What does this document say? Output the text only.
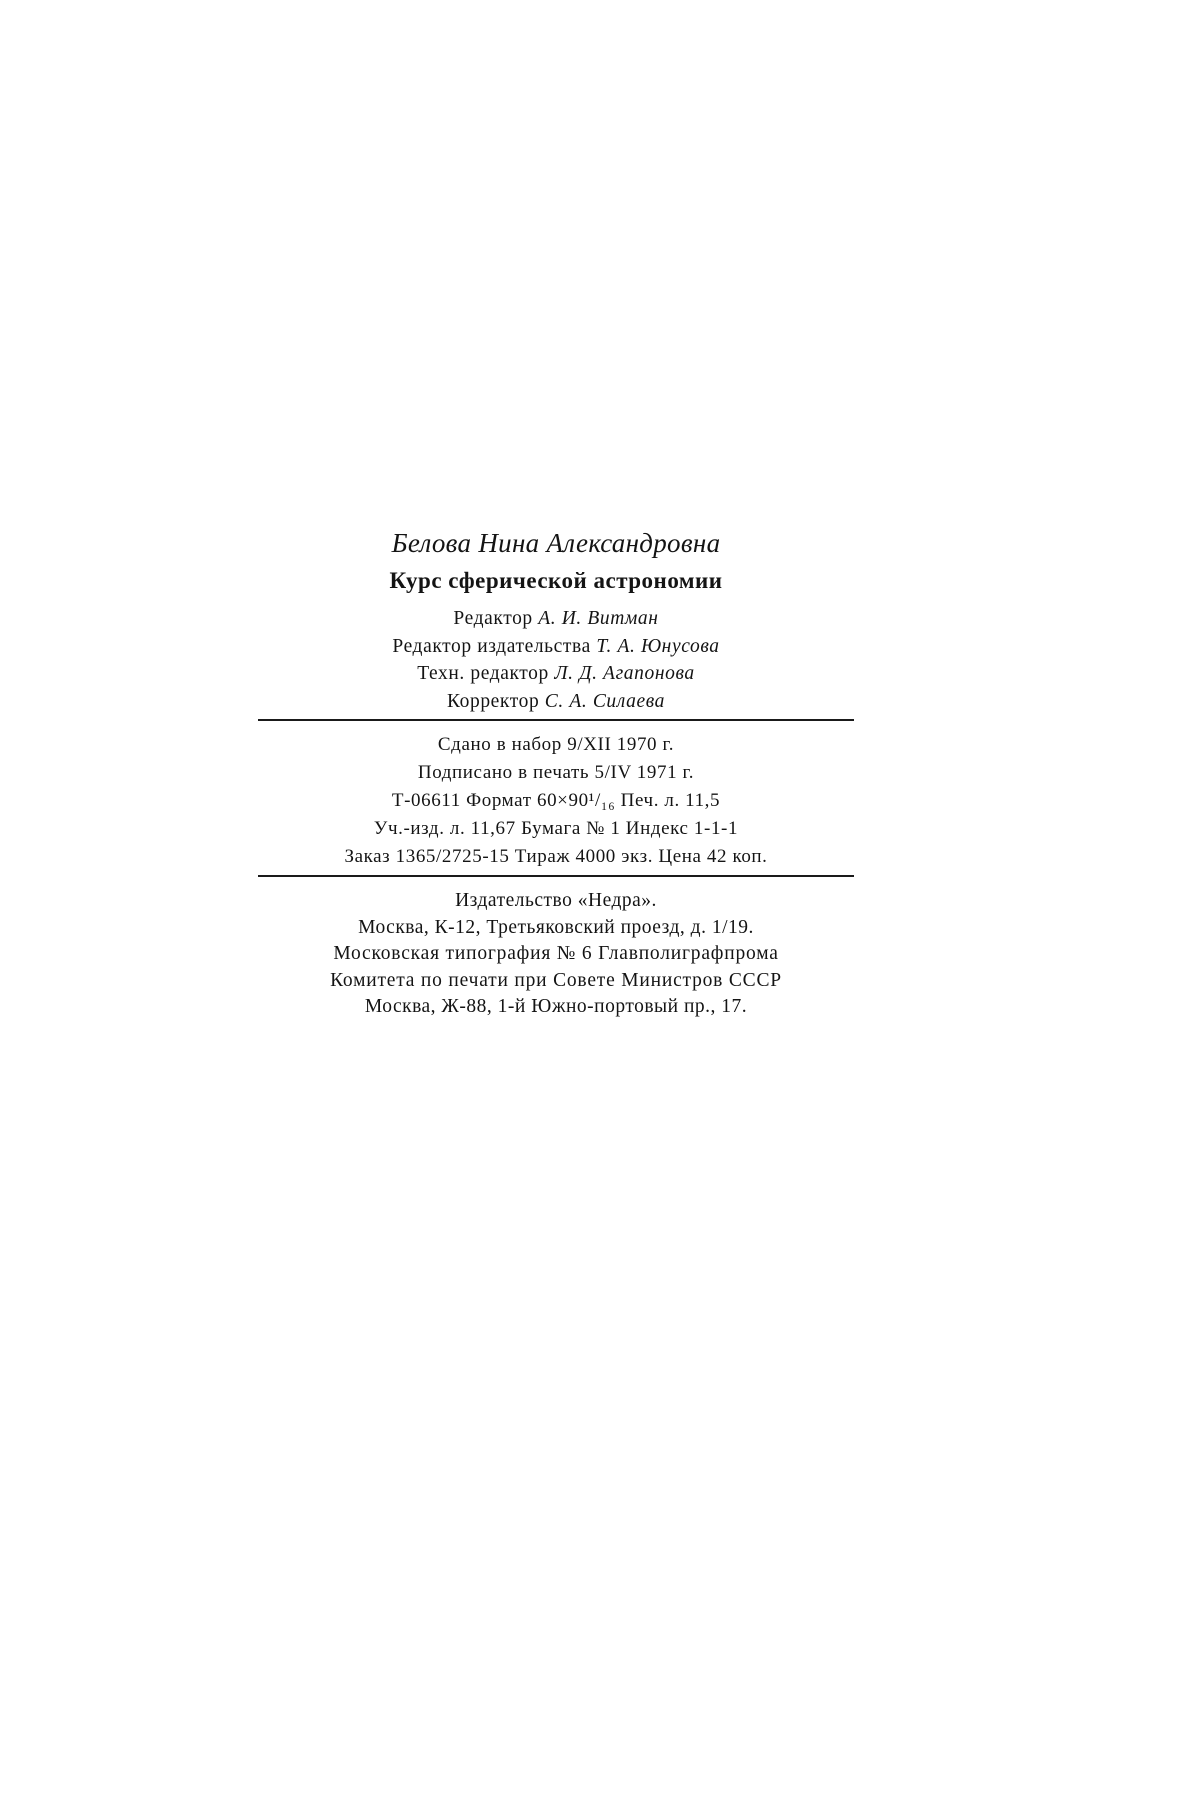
Белова Нина Александровна
Курс сферической астрономии
Редактор А. И. Витман
Редактор издательства Т. А. Юнусова
Техн. редактор Л. Д. Агапонова
Корректор С. А. Силаева
Сдано в набор 9/XII 1970 г.
Подписано в печать 5/IV 1971 г.
Т-06611 Формат 60×90¹/₁₆ Печ. л. 11,5
Уч.-изд. л. 11,67 Бумага № 1 Индекс 1-1-1
Заказ 1365/2725-15 Тираж 4000 экз. Цена 42 коп.
Издательство «Недра».
Москва, К-12, Третьяковский проезд, д. 1/19.
Московская типография № 6 Главполиграфпрома
Комитета по печати при Совете Министров СССР
Москва, Ж-88, 1-й Южно-портовый пр., 17.
